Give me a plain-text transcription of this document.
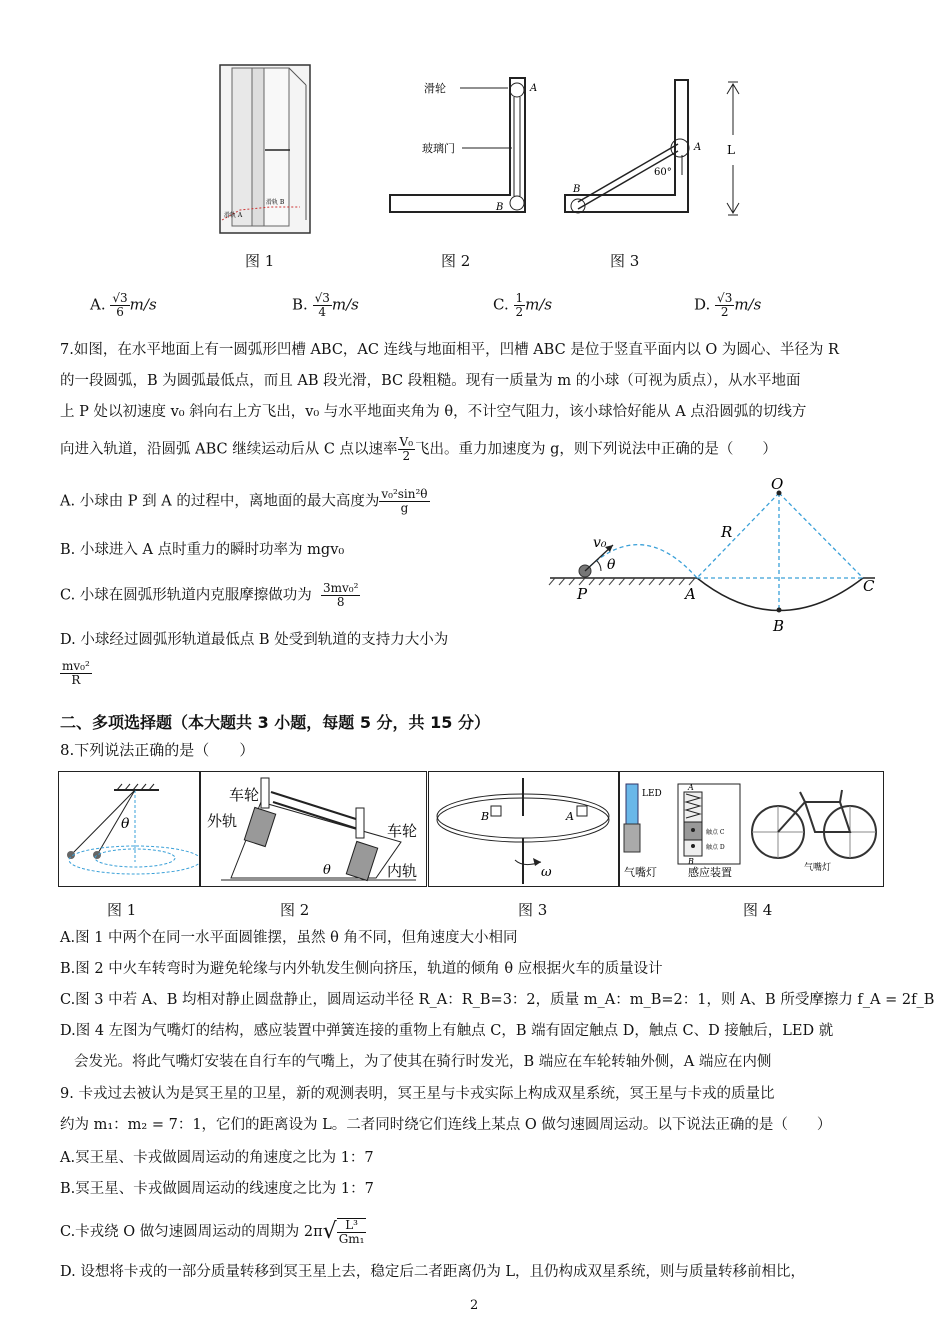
滑轨 A
滑轨 B
滑轮
玻璃门
A
B
A
B
60°
L
图 1	图 2	图 3
A. $\frac{√3}{6} m/s$	B. $\frac{√3}{4} m/s$	C. $\frac{1}{2} m/s$	D. $\frac{√3}{2} m/s$
7.如图，在水平地面上有一圆弧形凹槽 ABC，AC 连线与地面相平，凹槽 ABC 是位于竖直平面内以 O 为圆心、半径为 R
的一段圆弧，B 为圆弧最低点，而且 AB 段光滑，BC 段粗糙。现有一质量为 m 的小球（可视为质点），从水平地面
上 P 处以初速度 v₀ 斜向右上方飞出，v₀ 与水平地面夹角为 θ，不计空气阻力，该小球恰好能从 A 点沿圆弧的切线方
向进入轨道，沿圆弧 ABC 继续运动后从 C 点以速率 $\frac{\text{V₀}}{2}$ 飞出。重力加速度为 g，则下列说法中正确的是（　　）
A. 小球由 P 到 A 的过程中，离地面的最大高度为 $\frac{\text{v₀²sin²θ}}{g}$
B. 小球进入 A 点时重力的瞬时功率为 mgv₀
C. 小球在圆弧形轨道内克服摩擦做功为 $\frac{\text{3mv₀²}}{8}$
D. 小球经过圆弧形轨道最低点 B 处受到轨道的支持力大小为
$\frac{\text{mv₀²}}{R}$
O
R
v₀
θ
P	A
B
C
二、多项选择题（本大题共 3 小题，每题 5 分，共 15 分）
8.下列说法正确的是（　　）
θ
车轮
外轨
车轮
内轨
θ
B	A
ω
LED
触点 C
触点 D
A
B
气嘴灯	感应装置	气嘴灯
图 1	图 2	图 3	图 4
A.图 1 中两个在同一水平面圆锥摆，虽然 θ 角不同，但角速度大小相同
B.图 2 中火车转弯时为避免轮缘与内外轨发生侧向挤压，轨道的倾角 θ 应根据火车的质量设计
C.图 3 中若 A、B 均相对静止圆盘静止，圆周运动半径 R_A：R_B=3：2，质量 m_A：m_B=2：1，则 A、B 所受摩擦力 f_A = 2f_B
D.图 4 左图为气嘴灯的结构，感应装置中弹簧连接的重物上有触点 C，B 端有固定触点 D，触点 C、D 接触后，LED 就
会发光。将此气嘴灯安装在自行车的气嘴上，为了使其在骑行时发光，B 端应在车轮转轴外侧，A 端应在内侧
9. 卡戎过去被认为是冥王星的卫星，新的观测表明，冥王星与卡戎实际上构成双星系统，冥王星与卡戎的质量比
约为 m₁：m₂ = 7：1，它们的距离设为 L。二者同时绕它们连线上某点 O 做匀速圆周运动。以下说法正确的是（　　）
A.冥王星、卡戎做圆周运动的角速度之比为 1：7
B.冥王星、卡戎做圆周运动的线速度之比为 1：7
C.卡戎绕 O 做匀速圆周运动的周期为 $2\pi√ \frac{\text{L³}}{\text{Gm₁}}$
D. 设想将卡戎的一部分质量转移到冥王星上去，稳定后二者距离仍为 L，且仍构成双星系统，则与质量转移前相比，
2
